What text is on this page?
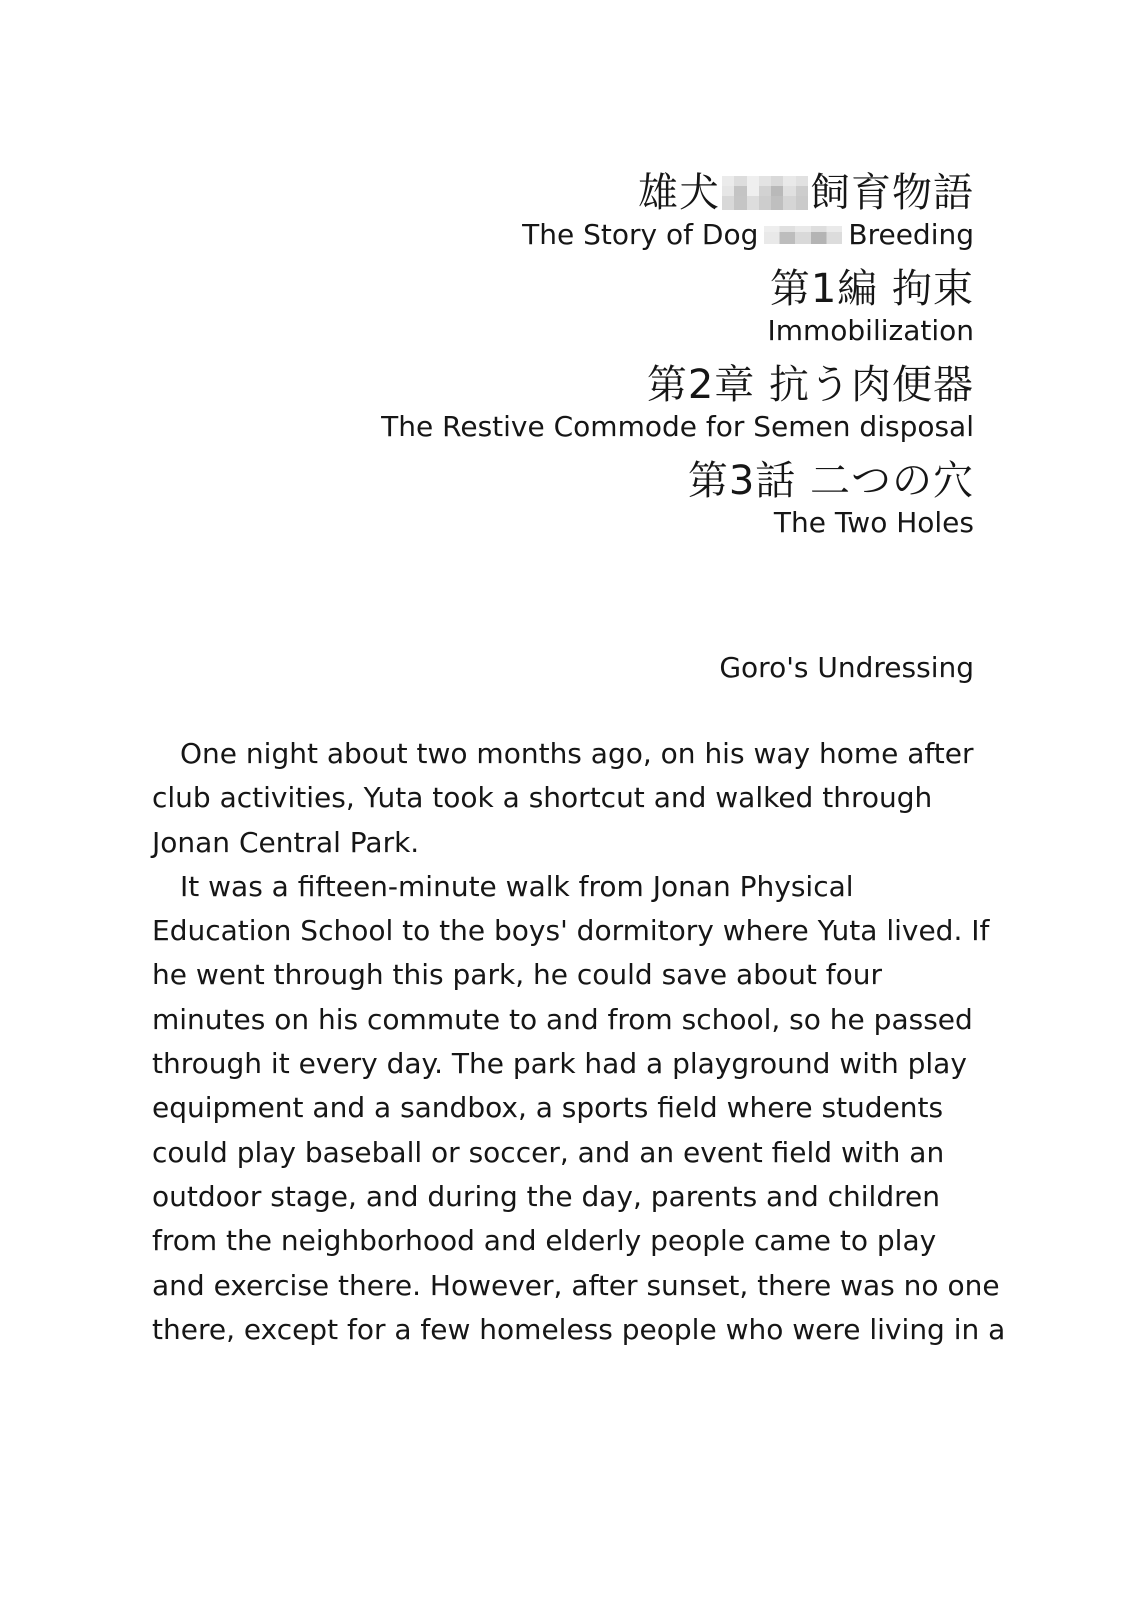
雄犬 飼育物語
The Story of Dog	Breeding
第1編 拘束
Immobilization
第2章 抗う肉便器
The Restive Commode for Semen disposal
第3話 二つの穴
The Two Holes
Goro's Undressing
One night about two months ago, on his way home after
club activities, Yuta took a shortcut and walked through
Jonan Central Park.
It was a fifteen-minute walk from Jonan Physical
Education School to the boys' dormitory where Yuta lived. If
he went through this park, he could save about four
minutes on his commute to and from school, so he passed
through it every day. The park had a playground with play
equipment and a sandbox, a sports field where students
could play baseball or soccer, and an event field with an
outdoor stage, and during the day, parents and children
from the neighborhood and elderly people came to play
and exercise there. However, after sunset, there was no one
there, except for a few homeless people who were living in a
